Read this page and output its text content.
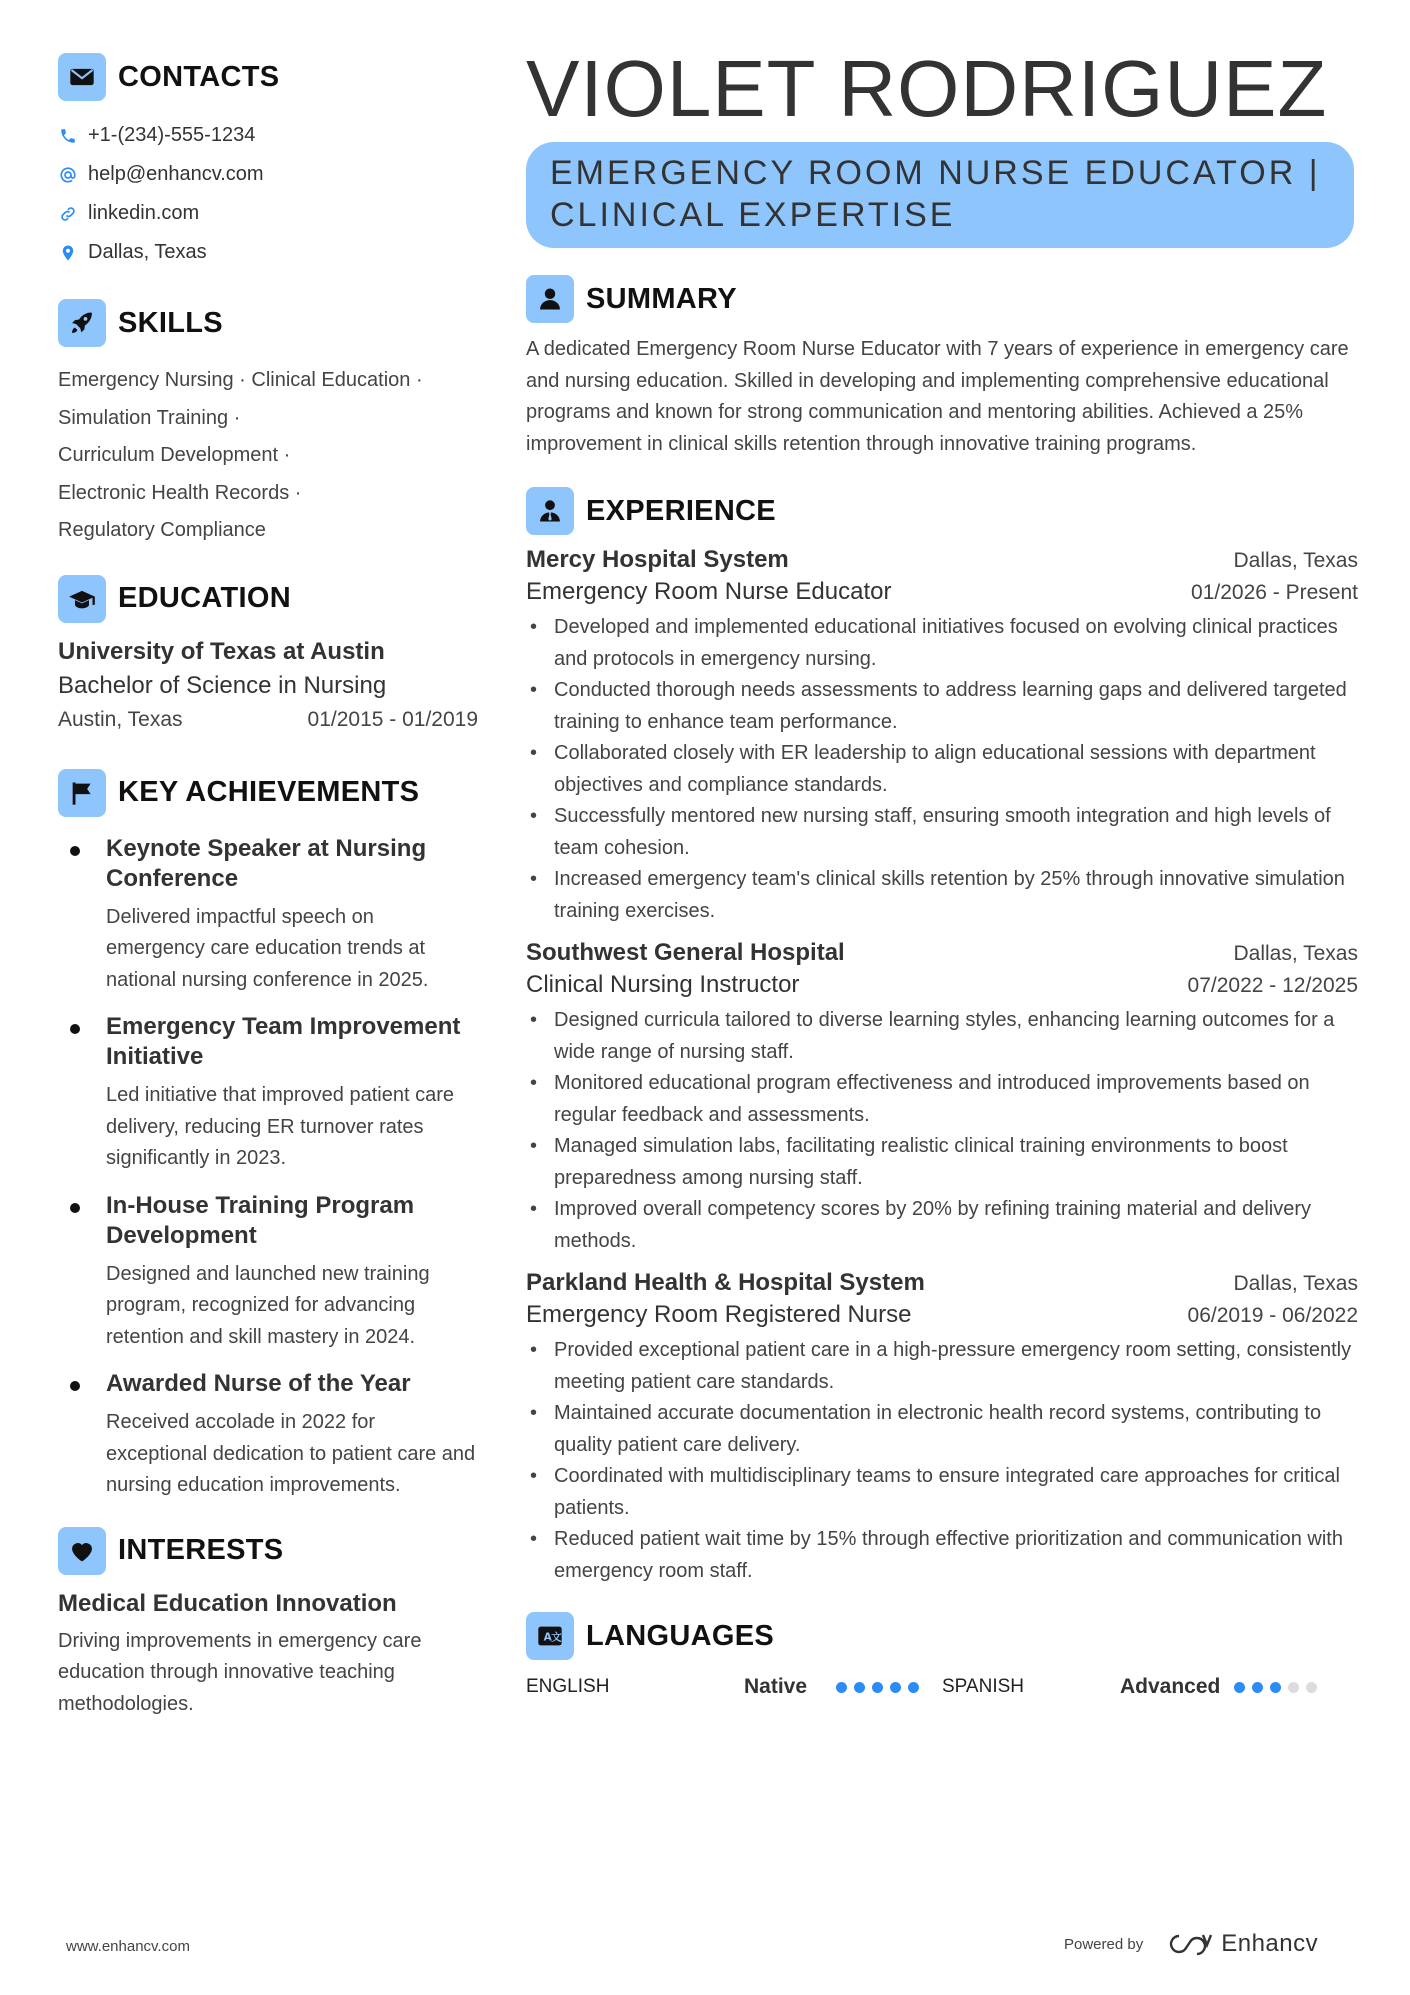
CONTACTS
+1-(234)-555-1234
help@enhancv.com
linkedin.com
Dallas, Texas
SKILLS
Emergency Nursing · Clinical Education ·
Simulation Training ·
Curriculum Development ·
Electronic Health Records ·
Regulatory Compliance
EDUCATION
University of Texas at Austin
Bachelor of Science in Nursing
Austin, Texas	01/2015 - 01/2019
KEY ACHIEVEMENTS
Keynote Speaker at Nursing Conference
Delivered impactful speech on emergency care education trends at national nursing conference in 2025.
Emergency Team Improvement Initiative
Led initiative that improved patient care delivery, reducing ER turnover rates significantly in 2023.
In-House Training Program Development
Designed and launched new training program, recognized for advancing retention and skill mastery in 2024.
Awarded Nurse of the Year
Received accolade in 2022 for exceptional dedication to patient care and nursing education improvements.
INTERESTS
Medical Education Innovation
Driving improvements in emergency care education through innovative teaching methodologies.
VIOLET RODRIGUEZ
EMERGENCY ROOM NURSE EDUCATOR | CLINICAL EXPERTISE
SUMMARY
A dedicated Emergency Room Nurse Educator with 7 years of experience in emergency care and nursing education. Skilled in developing and implementing comprehensive educational programs and known for strong communication and mentoring abilities. Achieved a 25% improvement in clinical skills retention through innovative training programs.
EXPERIENCE
Mercy Hospital System	Dallas, Texas
Emergency Room Nurse Educator	01/2026 - Present
• Developed and implemented educational initiatives focused on evolving clinical practices and protocols in emergency nursing.
• Conducted thorough needs assessments to address learning gaps and delivered targeted training to enhance team performance.
• Collaborated closely with ER leadership to align educational sessions with department objectives and compliance standards.
• Successfully mentored new nursing staff, ensuring smooth integration and high levels of team cohesion.
• Increased emergency team's clinical skills retention by 25% through innovative simulation training exercises.
Southwest General Hospital	Dallas, Texas
Clinical Nursing Instructor	07/2022 - 12/2025
• Designed curricula tailored to diverse learning styles, enhancing learning outcomes for a wide range of nursing staff.
• Monitored educational program effectiveness and introduced improvements based on regular feedback and assessments.
• Managed simulation labs, facilitating realistic clinical training environments to boost preparedness among nursing staff.
• Improved overall competency scores by 20% by refining training material and delivery methods.
Parkland Health & Hospital System	Dallas, Texas
Emergency Room Registered Nurse	06/2019 - 06/2022
• Provided exceptional patient care in a high-pressure emergency room setting, consistently meeting patient care standards.
• Maintained accurate documentation in electronic health record systems, contributing to quality patient care delivery.
• Coordinated with multidisciplinary teams to ensure integrated care approaches for critical patients.
• Reduced patient wait time by 15% through effective prioritization and communication with emergency room staff.
A 文 LANGUAGES
ENGLISH	Native	SPANISH	Advanced
www.enhancv.com	Powered by	Enhancv
